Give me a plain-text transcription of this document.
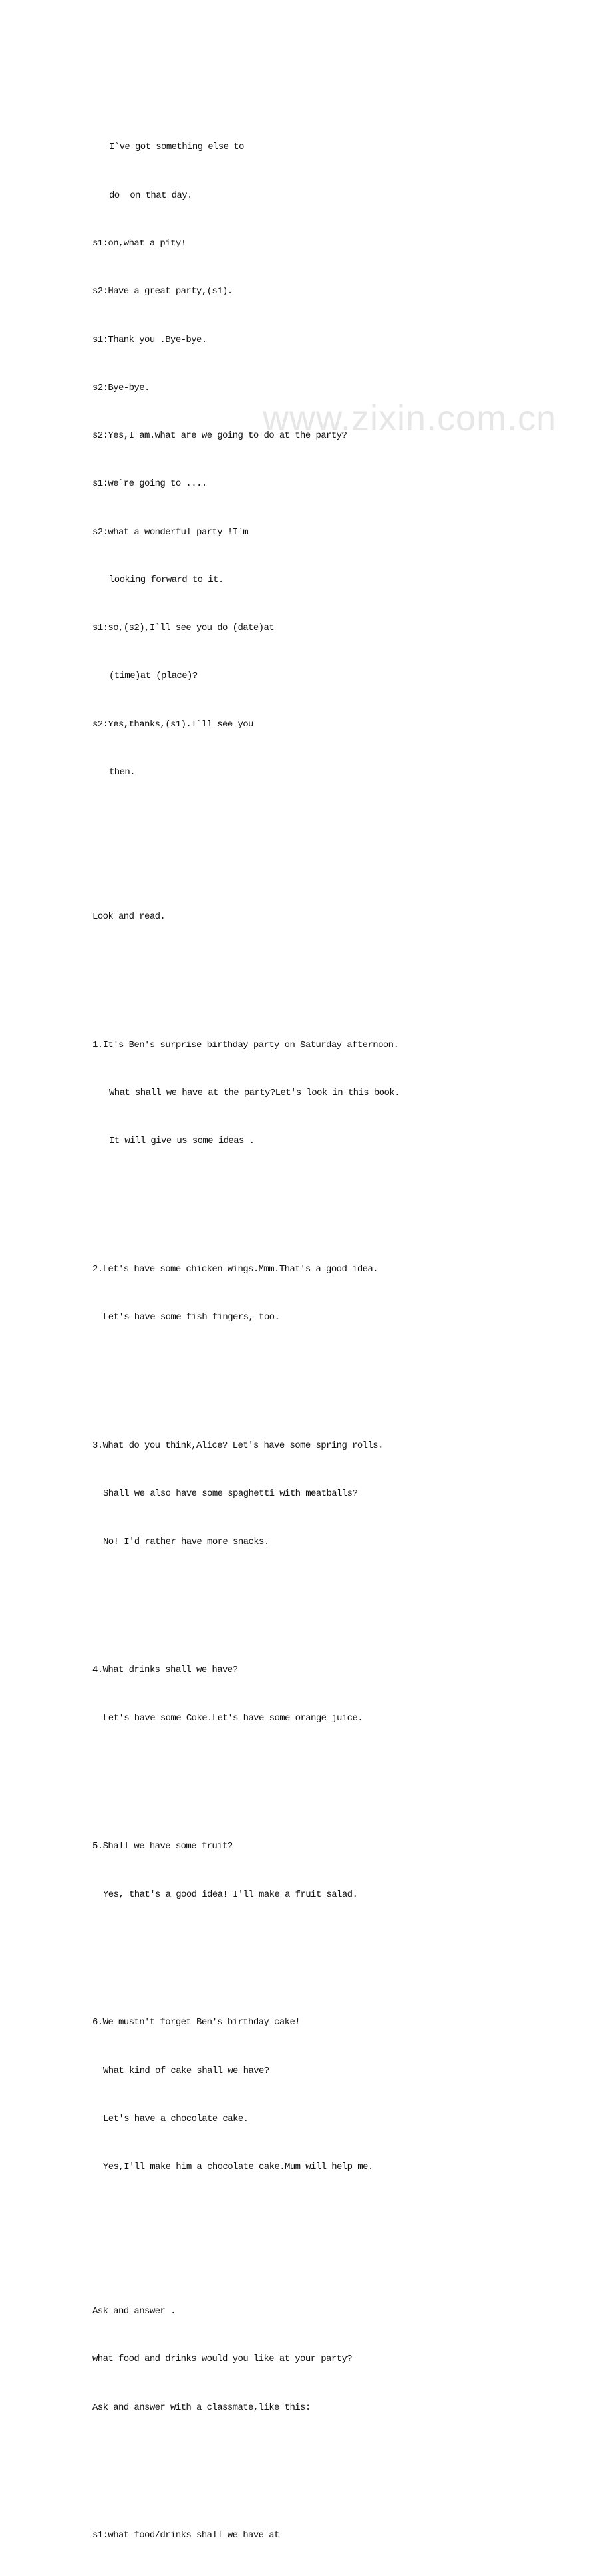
www.zixin.com.cn

I`ve got something else to

do  on that day.

s1:on,what a pity!

s2:Have a great party,(s1).

s1:Thank you .Bye-bye.

s2:Bye-bye.

s2:Yes,I am.what are we going to do at the party?

s1:we`re going to ....

s2:what a wonderful party !I`m

looking forward to it.

s1:so,(s2),I`ll see you do (date)at

(time)at (place)?

s2:Yes,thanks,(s1).I`ll see you

then.

Look and read.

1.It's Ben's surprise birthday party on Saturday afternoon.

What shall we have at the party?Let's look in this book.

It will give us some ideas .

2.Let's have some chicken wings.Mmm.That's a good idea.

Let's have some fish fingers, too.

3.What do you think,Alice? Let's have some spring rolls.

Shall we also have some spaghetti with meatballs?

No! I'd rather have more snacks.

4.What drinks shall we have?

Let's have some Coke.Let's have some orange juice.

5.Shall we have some fruit?

Yes, that's a good idea! I'll make a fruit salad.

6.We mustn't forget Ben's birthday cake!

What kind of cake shall we have?

Let's have a chocolate cake.

Yes,I'll make him a chocolate cake.Mum will help me.

Ask and answer .

what food and drinks would you like at your party?

Ask and answer with a classmate,like this:

s1:what food/drinks shall we have at
